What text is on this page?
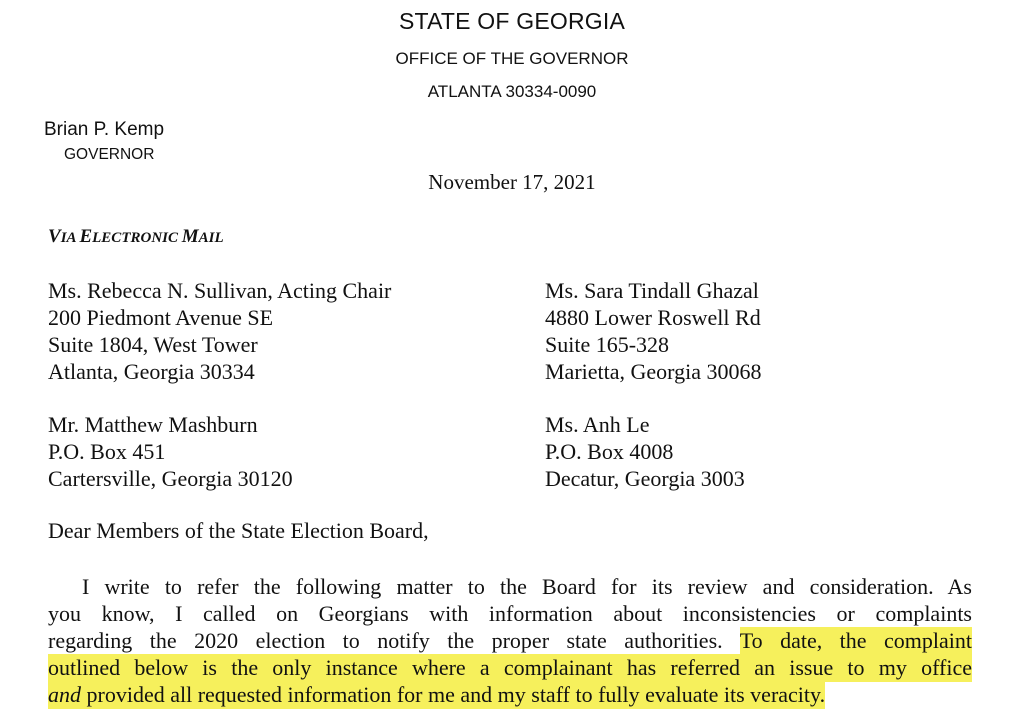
STATE OF GEORGIA
OFFICE OF THE GOVERNOR
ATLANTA 30334-0090
Brian P. Kemp
GOVERNOR
November 17, 2021
VIA ELECTRONIC MAIL
Ms. Rebecca N. Sullivan, Acting Chair
200 Piedmont Avenue SE
Suite 1804, West Tower
Atlanta, Georgia 30334
Ms. Sara Tindall Ghazal
4880 Lower Roswell Rd
Suite 165-328
Marietta, Georgia 30068
Mr. Matthew Mashburn
P.O. Box 451
Cartersville, Georgia 30120
Ms. Anh Le
P.O. Box 4008
Decatur, Georgia 3003
Dear Members of the State Election Board,
I write to refer the following matter to the Board for its review and consideration. As
you know, I called on Georgians with information about inconsistencies or complaints
regarding the 2020 election to notify the proper state authorities. To date, the complaint
outlined below is the only instance where a complainant has referred an issue to my office
and provided all requested information for me and my staff to fully evaluate its veracity.
